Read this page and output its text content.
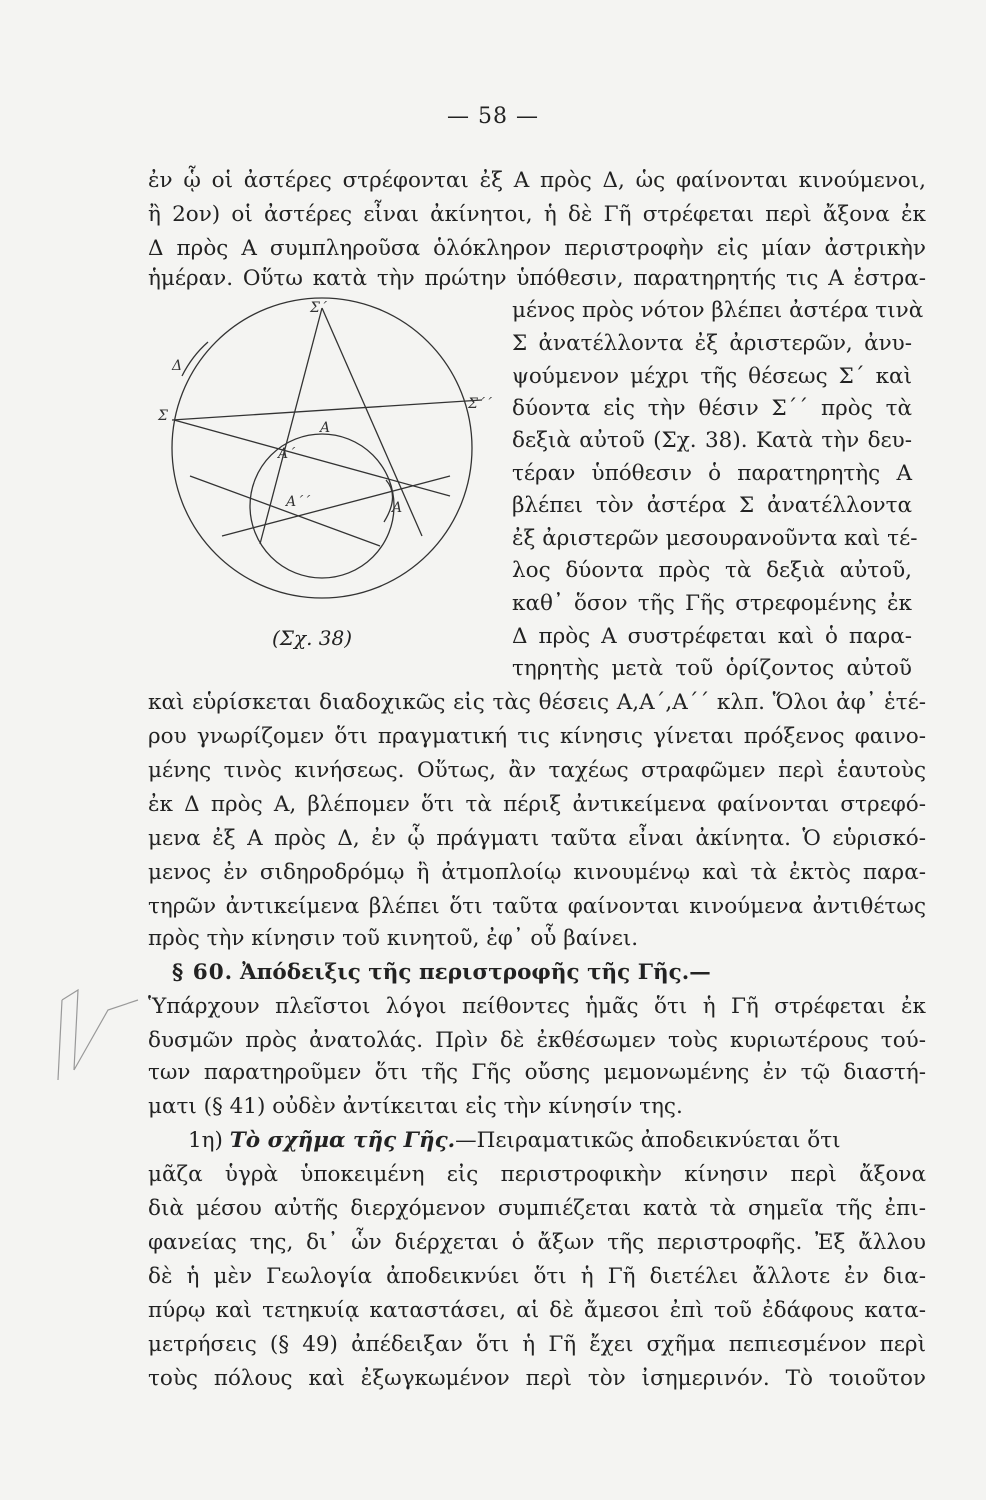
— 58 —
ἐν ᾧ οἱ ἀστέρες στρέφονται ἐξ Α πρὸς Δ, ὡς φαίνονται κινούμενοι,
ἢ 2ον) οἱ ἀστέρες εἶναι ἀκίνητοι, ἡ δὲ Γῆ στρέφεται περὶ ἄξονα ἐκ
Δ πρὸς Α συμπληροῦσα ὁλόκληρον περιστροφὴν εἰς μίαν ἀστρικὴν
ἡμέραν. Οὕτω κατὰ τὴν πρώτην ὑπόθεσιν, παρατηρητής τις Α ἐστρα-
μένος πρὸς νότον βλέπει ἀστέρα τινὰ
Σ ἀνατέλλοντα ἐξ ἀριστερῶν, ἀνυ-
ψούμενον μέχρι τῆς θέσεως Σ΄ καὶ
δύοντα εἰς τὴν θέσιν Σ΄΄ πρὸς τὰ
δεξιὰ αὐτοῦ (Σχ. 38). Κατὰ τὴν δευ-
τέραν ὑπόθεσιν ὁ παρατηρητὴς Α
βλέπει τὸν ἀστέρα Σ ἀνατέλλοντα
ἐξ ἀριστερῶν μεσουρανοῦντα καὶ τέ-
λος δύοντα πρὸς τὰ δεξιὰ αὐτοῦ,
καθ᾽ ὅσον τῆς Γῆς στρεφομένης ἐκ
Δ πρὸς Α συστρέφεται καὶ ὁ παρα-
τηρητὴς μετὰ τοῦ ὁρίζοντος αὐτοῦ
Σ΄
Σ
Σ΄΄
Α
Α΄
Α΄΄
Δ
Α
(Σχ. 38)
καὶ εὑρίσκεται διαδοχικῶς εἰς τὰς θέσεις Α,Α΄,Α΄΄ κλπ. Ὅλοι ἀφ᾽ ἑτέ-
ρου γνωρίζομεν ὅτι πραγματική τις κίνησις γίνεται πρόξενος φαινο-
μένης τινὸς κινήσεως. Οὕτως, ἂν ταχέως στραφῶμεν περὶ ἑαυτοὺς
ἐκ Δ πρὸς Α, βλέπομεν ὅτι τὰ πέριξ ἀντικείμενα φαίνονται στρεφό-
μενα ἐξ Α πρὸς Δ, ἐν ᾧ πράγματι ταῦτα εἶναι ἀκίνητα. Ὁ εὑρισκό-
μενος ἐν σιδηροδρόμῳ ἢ ἀτμοπλοίῳ κινουμένῳ καὶ τὰ ἐκτὸς παρα-
τηρῶν ἀντικείμενα βλέπει ὅτι ταῦτα φαίνονται κινούμενα ἀντιθέτως
πρὸς τὴν κίνησιν τοῦ κινητοῦ, ἐφ᾽ οὗ βαίνει.
§ 60. Ἀπόδειξις τῆς περιστροφῆς τῆς Γῆς.—
Ὑπάρχουν πλεῖστοι λόγοι πείθοντες ἡμᾶς ὅτι ἡ Γῆ στρέφεται ἐκ
δυσμῶν πρὸς ἀνατολάς. Πρὶν δὲ ἐκθέσωμεν τοὺς κυριωτέρους τού-
των παρατηροῦμεν ὅτι τῆς Γῆς οὔσης μεμονωμένης ἐν τῷ διαστή-
ματι (§ 41) οὐδὲν ἀντίκειται εἰς τὴν κίνησίν της.
1η) Τὸ σχῆμα τῆς Γῆς.—Πειραματικῶς ἀποδεικνύεται ὅτι
μᾶζα ὑγρὰ ὑποκειμένη εἰς περιστροφικὴν κίνησιν περὶ ἄξονα
διὰ μέσου αὐτῆς διερχόμενον συμπιέζεται κατὰ τὰ σημεῖα τῆς ἐπι-
φανείας της, δι᾽ ὧν διέρχεται ὁ ἄξων τῆς περιστροφῆς. Ἐξ ἄλλου
δὲ ἡ μὲν Γεωλογία ἀποδεικνύει ὅτι ἡ Γῆ διετέλει ἄλλοτε ἐν δια-
πύρῳ καὶ τετηκυίᾳ καταστάσει, αἱ δὲ ἄμεσοι ἐπὶ τοῦ ἐδάφους κατα-
μετρήσεις (§ 49) ἀπέδειξαν ὅτι ἡ Γῆ ἔχει σχῆμα πεπιεσμένον περὶ
τοὺς πόλους καὶ ἐξωγκωμένον περὶ τὸν ἰσημερινόν. Τὸ τοιοῦτον
